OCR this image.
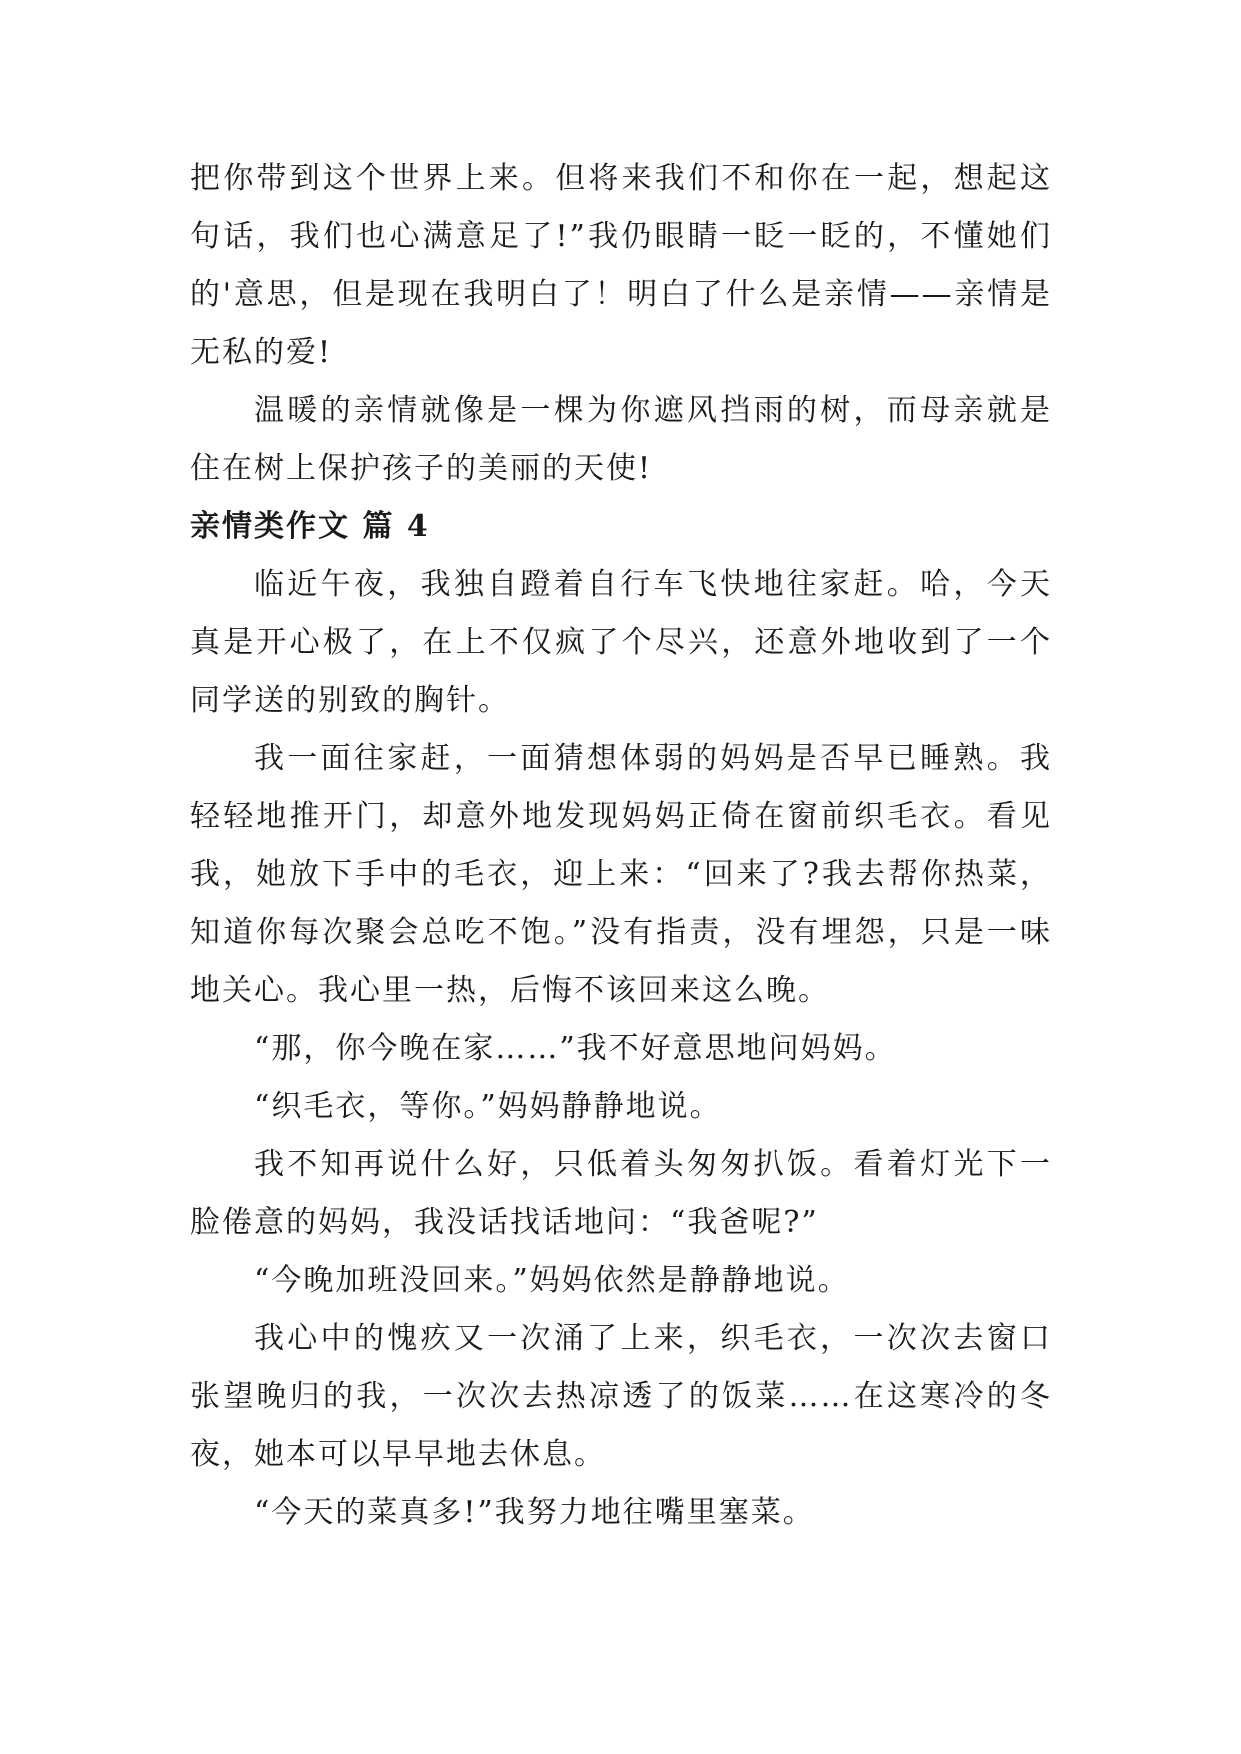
把你带到这个世界上来。但将来我们不和你在一起，想起这句话，我们也心满意足了!”我仍眼睛一眨一眨的，不懂她们的'意思，但是现在我明白了！明白了什么是亲情——亲情是无私的爱!

温暖的亲情就像是一棵为你遮风挡雨的树，而母亲就是住在树上保护孩子的美丽的天使!

亲情类作文 篇 4

临近午夜，我独自蹬着自行车飞快地往家赶。哈，今天真是开心极了，在上不仅疯了个尽兴，还意外地收到了一个同学送的别致的胸针。

我一面往家赶，一面猜想体弱的妈妈是否早已睡熟。我轻轻地推开门，却意外地发现妈妈正倚在窗前织毛衣。看见我，她放下手中的毛衣，迎上来：“回来了?我去帮你热菜，知道你每次聚会总吃不饱。”没有指责，没有埋怨，只是一味地关心。我心里一热，后悔不该回来这么晚。

“那，你今晚在家……”我不好意思地问妈妈。

“织毛衣，等你。”妈妈静静地说。

我不知再说什么好，只低着头匆匆扒饭。看着灯光下一脸倦意的妈妈，我没话找话地问：“我爸呢?”

“今晚加班没回来。”妈妈依然是静静地说。

我心中的愧疚又一次涌了上来，织毛衣，一次次去窗口张望晚归的我，一次次去热凉透了的饭菜……在这寒冷的冬夜，她本可以早早地去休息。

“今天的菜真多!”我努力地往嘴里塞菜。
